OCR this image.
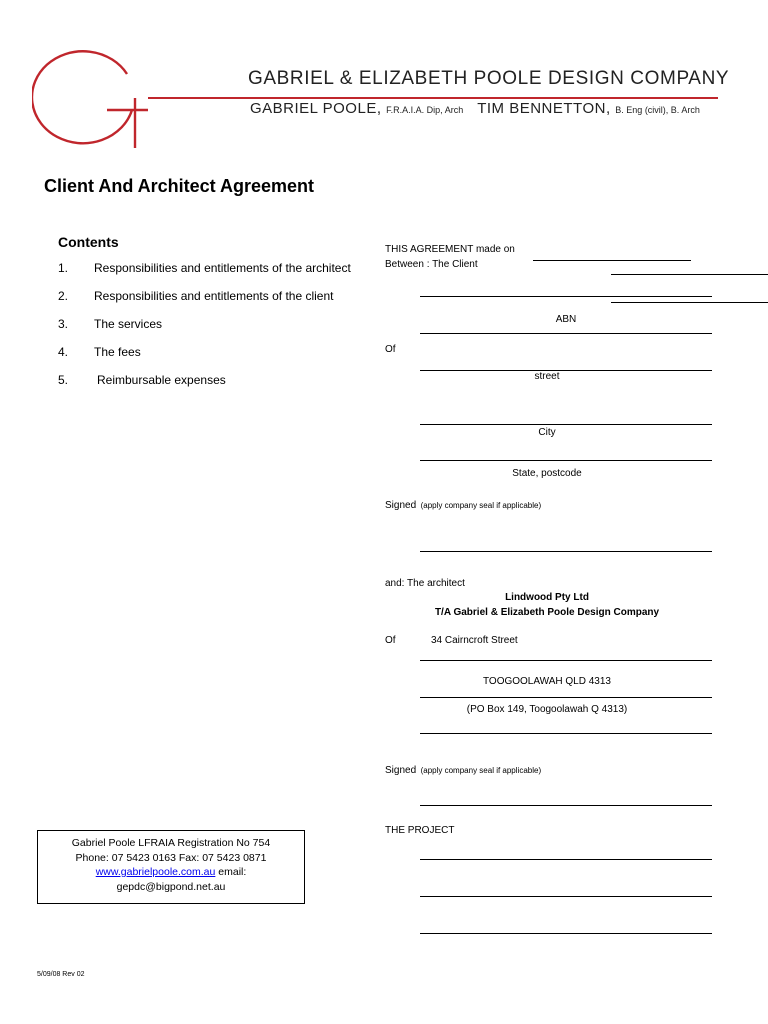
GABRIEL & ELIZABETH POOLE DESIGN COMPANY
GABRIEL POOLE, F.R.A.I.A. Dip, Arch TIM BENNETTON, B. Eng (civil), B. Arch
Client And Architect Agreement
Contents
1. Responsibilities and entitlements of the architect
2. Responsibilities and entitlements of the client
3. The services
4. The fees
5. Reimbursable expenses
THIS AGREEMENT made on
Between : The Client
ABN
Of
street
City
State, postcode
Signed (apply company seal if applicable)
and: The architect
Lindwood Pty Ltd
T/A Gabriel & Elizabeth Poole Design Company
Of	34 Cairncroft Street
TOOGOOLAWAH QLD 4313
(PO Box 149, Toogoolawah Q 4313)
Signed (apply company seal if applicable)
THE PROJECT
Gabriel Poole LFRAIA Registration No 754
Phone: 07 5423 0163 Fax: 07 5423 0871
www.gabrielpoole.com.au email:
gepdc@bigpond.net.au
5/09/08 Rev 02
